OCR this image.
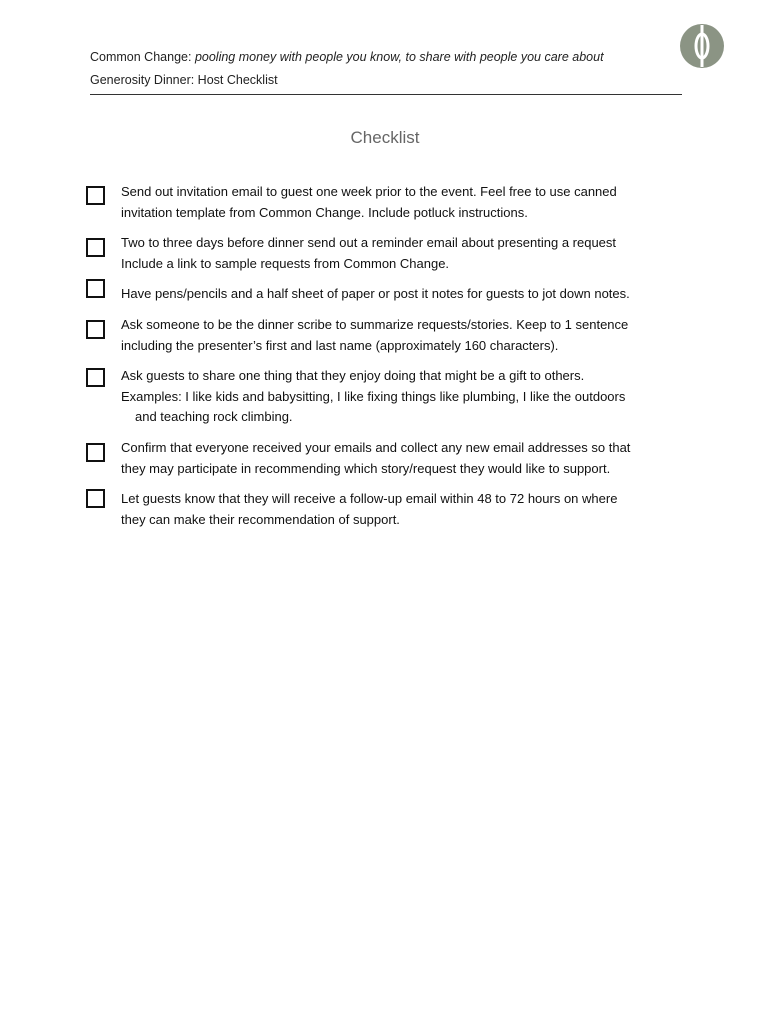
Common Change: pooling money with people you know, to share with people you care about
Generosity Dinner: Host Checklist
Checklist
Send out invitation email to guest one week prior to the event. Feel free to use canned
invitation template from Common Change. Include potluck instructions.
Two to three days before dinner send out a reminder email about presenting a request
Include a link to sample requests from Common Change.
Have pens/pencils and a half sheet of paper or post it notes for guests to jot down notes.
Ask someone to be the dinner scribe to summarize requests/stories. Keep to 1 sentence
including the presenter’s first and last name (approximately 160 characters).
Ask guests to share one thing that they enjoy doing that might be a gift to others.
Examples: I like kids and babysitting, I like fixing things like plumbing, I like the outdoors
and teaching rock climbing.
Confirm that everyone received your emails and collect any new email addresses so that
they may participate in recommending which story/request they would like to support.
Let guests know that they will receive a follow-up email within 48 to 72 hours on where
they can make their recommendation of support.
